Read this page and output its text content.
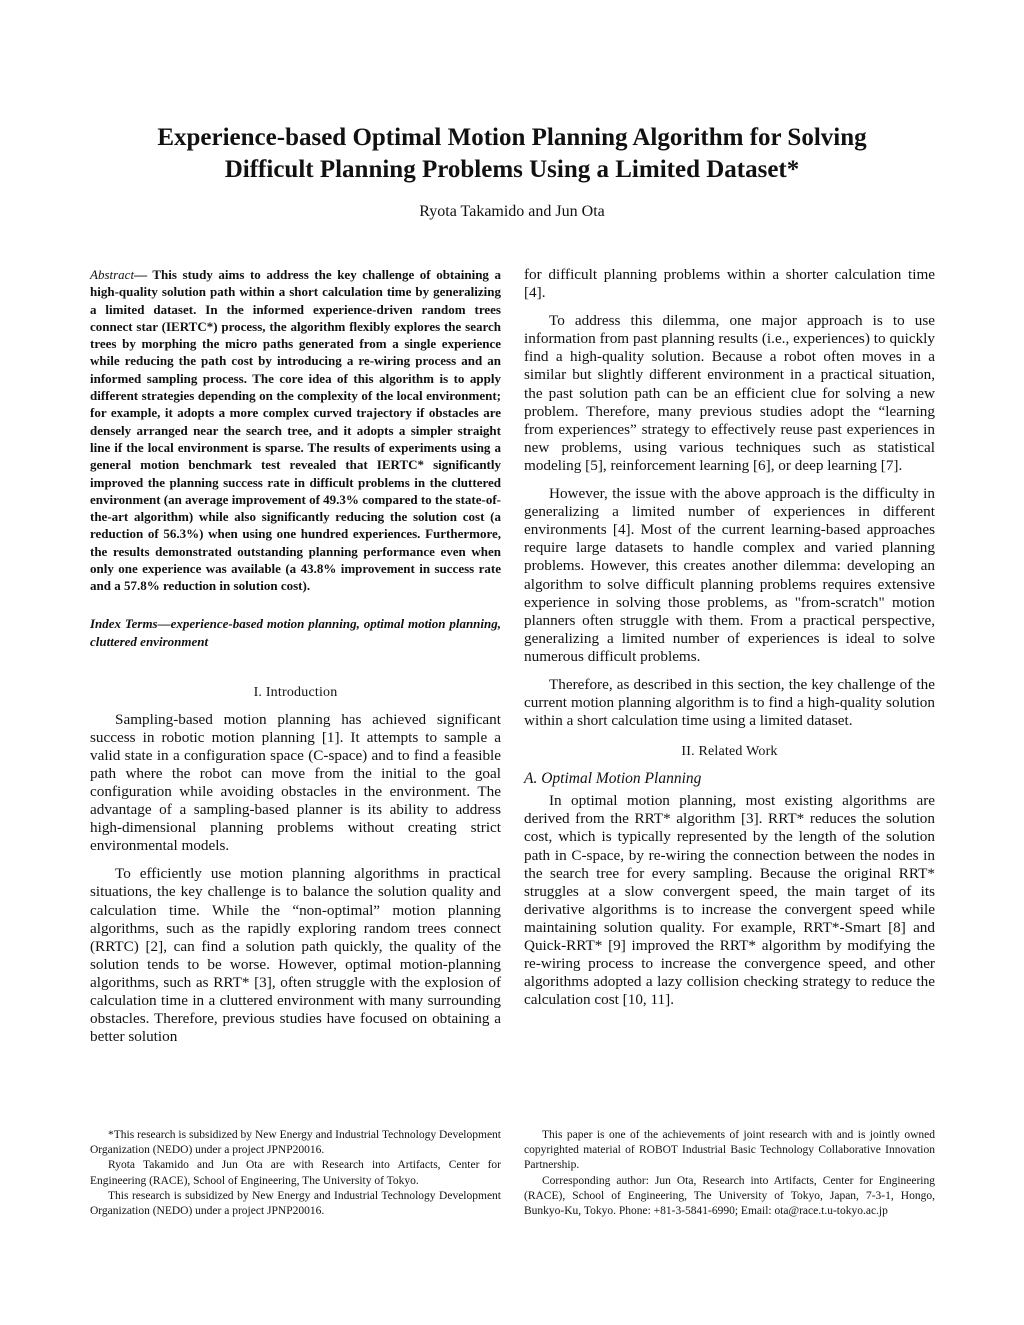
Experience-based Optimal Motion Planning Algorithm for Solving
Difficult Planning Problems Using a Limited Dataset*
Ryota Takamido and Jun Ota

Abstract— This study aims to address the key challenge of obtaining a high-quality solution path within a short calculation time by generalizing a limited dataset. In the informed experience-driven random trees connect star (IERTC*) process, the algorithm flexibly explores the search trees by morphing the micro paths generated from a single experience while reducing the path cost by introducing a re-wiring process and an informed sampling process. The core idea of this algorithm is to apply different strategies depending on the complexity of the local environment; for example, it adopts a more complex curved trajectory if obstacles are densely arranged near the search tree, and it adopts a simpler straight line if the local environment is sparse. The results of experiments using a general motion benchmark test revealed that IERTC* significantly improved the planning success rate in difficult problems in the cluttered environment (an average improvement of 49.3% compared to the state-of-the-art algorithm) while also significantly reducing the solution cost (a reduction of 56.3%) when using one hundred experiences. Furthermore, the results demonstrated outstanding planning performance even when only one experience was available (a 43.8% improvement in success rate and a 57.8% reduction in solution cost).

Index Terms—experience-based motion planning, optimal motion planning, cluttered environment

I. Introduction

Sampling-based motion planning has achieved significant success in robotic motion planning [1]. It attempts to sample a valid state in a configuration space (C-space) and to find a feasible path where the robot can move from the initial to the goal configuration while avoiding obstacles in the environment. The advantage of a sampling-based planner is its ability to address high-dimensional planning problems without creating strict environmental models.

To efficiently use motion planning algorithms in practical situations, the key challenge is to balance the solution quality and calculation time. While the “non-optimal” motion planning algorithms, such as the rapidly exploring random trees connect (RRTC) [2], can find a solution path quickly, the quality of the solution tends to be worse. However, optimal motion-planning algorithms, such as RRT* [3], often struggle with the explosion of calculation time in a cluttered environment with many surrounding obstacles. Therefore, previous studies have focused on obtaining a better solution

for difficult planning problems within a shorter calculation time [4].

To address this dilemma, one major approach is to use information from past planning results (i.e., experiences) to quickly find a high-quality solution. Because a robot often moves in a similar but slightly different environment in a practical situation, the past solution path can be an efficient clue for solving a new problem. Therefore, many previous studies adopt the “learning from experiences” strategy to effectively reuse past experiences in new problems, using various techniques such as statistical modeling [5], reinforcement learning [6], or deep learning [7].

However, the issue with the above approach is the difficulty in generalizing a limited number of experiences in different environments [4]. Most of the current learning-based approaches require large datasets to handle complex and varied planning problems. However, this creates another dilemma: developing an algorithm to solve difficult planning problems requires extensive experience in solving those problems, as "from-scratch" motion planners often struggle with them. From a practical perspective, generalizing a limited number of experiences is ideal to solve numerous difficult problems.

Therefore, as described in this section, the key challenge of the current motion planning algorithm is to find a high-quality solution within a short calculation time using a limited dataset.

II. Related Work
A. Optimal Motion Planning

In optimal motion planning, most existing algorithms are derived from the RRT* algorithm [3]. RRT* reduces the solution cost, which is typically represented by the length of the solution path in C-space, by re-wiring the connection between the nodes in the search tree for every sampling. Because the original RRT* struggles at a slow convergent speed, the main target of its derivative algorithms is to increase the convergent speed while maintaining solution quality. For example, RRT*-Smart [8] and Quick-RRT* [9] improved the RRT* algorithm by modifying the re-wiring process to increase the convergence speed, and other algorithms adopted a lazy collision checking strategy to reduce the calculation cost [10, 11].

*This research is subsidized by New Energy and Industrial Technology Development Organization (NEDO) under a project JPNP20016.

Ryota Takamido and Jun Ota are with Research into Artifacts, Center for Engineering (RACE), School of Engineering, The University of Tokyo.

This research is subsidized by New Energy and Industrial Technology Development Organization (NEDO) under a project JPNP20016.

This paper is one of the achievements of joint research with and is jointly owned copyrighted material of ROBOT Industrial Basic Technology Collaborative Innovation Partnership.

Corresponding author: Jun Ota, Research into Artifacts, Center for Engineering (RACE), School of Engineering, The University of Tokyo, Japan, 7-3-1, Hongo, Bunkyo-Ku, Tokyo. Phone: +81-3-5841-6990; Email: ota@race.t.u-tokyo.ac.jp
